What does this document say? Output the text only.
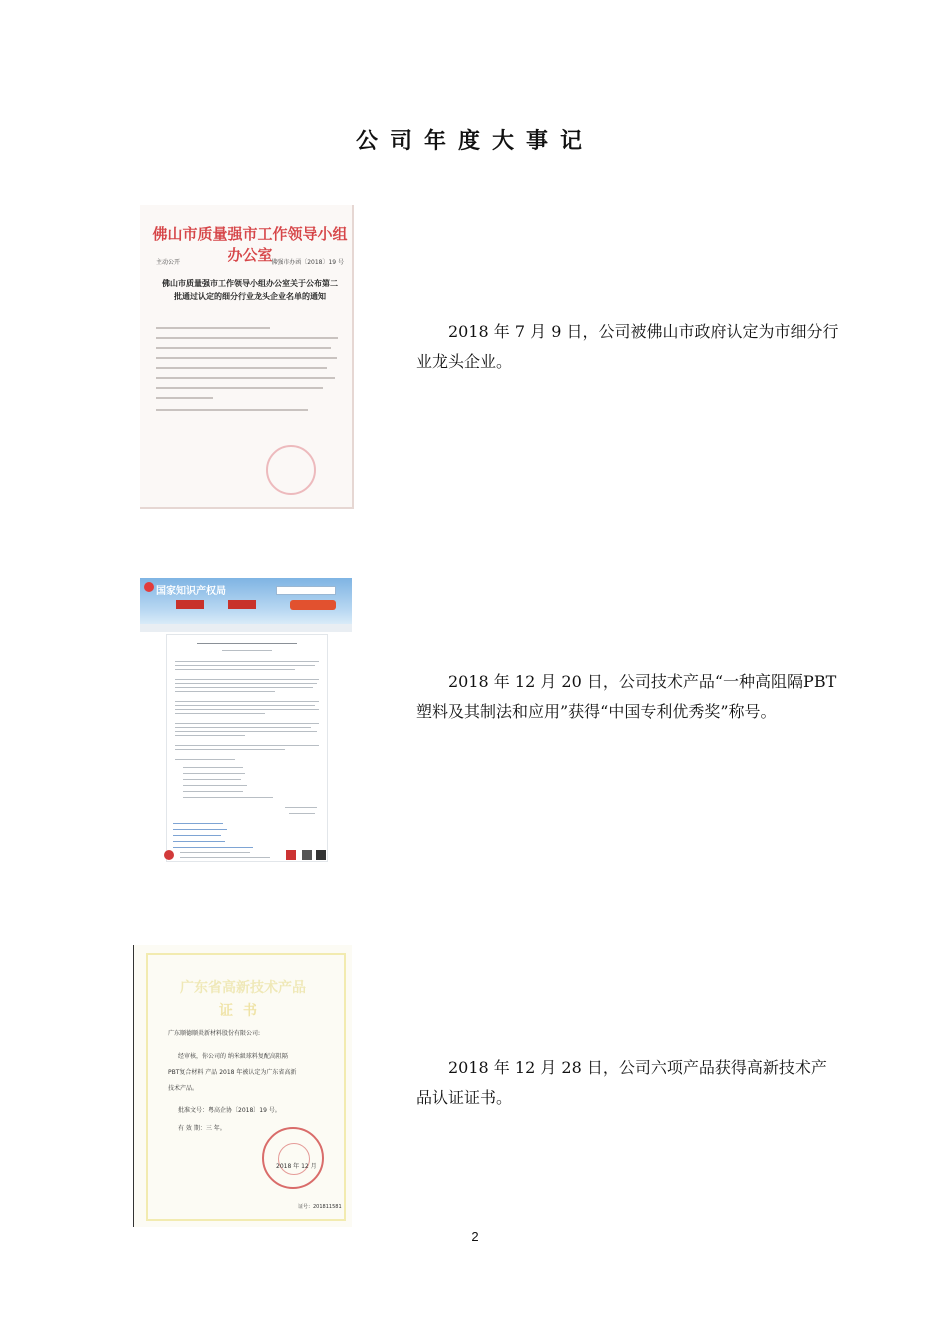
公司年度大事记
佛山市质量强市工作领导小组办公室
主动公开	佛强市办函〔2018〕19 号
佛山市质量强市工作领导小组办公室关于公布第二批通过认定的细分行业龙头企业名单的通知
2018 年 7 月 9 日，公司被佛山市政府认定为市细分行业龙头企业。
国家知识产权局
2018 年 12 月 20 日，公司技术产品“一种高阻隔PBT 塑料及其制法和应用”获得“中国专利优秀奖”称号。
广东省高新技术产品
证书
广东顺德顺炎新材料股份有限公司:
经审核，你公司的 纳米級球料复配高阻隔
PBT复合材料 产品 2018 年被认定为广东省高新
技术产品。
批准文号：粤高企协〔2018〕19 号。
有 效 期：三 年。
2018 年 12 月
证号：201811581
2018 年 12 月 28 日，公司六项产品获得高新技术产品认证证书。
2
